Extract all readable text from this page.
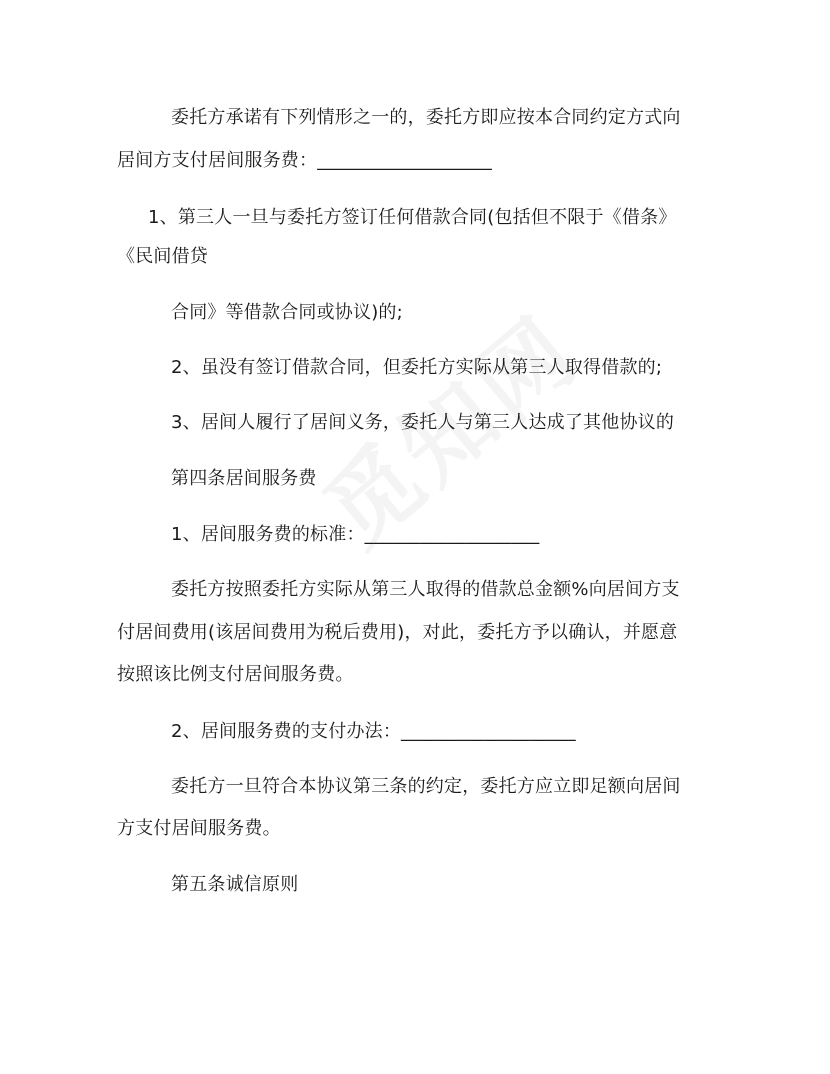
委托方承诺有下列情形之一的，委托方即应按本合同约定方式向
居间方支付居间服务费：___________________
1、第三人一旦与委托方签订任何借款合同(包括但不限于《借条》
《民间借贷
合同》等借款合同或协议)的;
2、虽没有签订借款合同，但委托方实际从第三人取得借款的;
3、居间人履行了居间义务，委托人与第三人达成了其他协议的
第四条居间服务费
1、居间服务费的标准：___________________
委托方按照委托方实际从第三人取得的借款总金额%向居间方支
付居间费用(该居间费用为税后费用)，对此，委托方予以确认，并愿意
按照该比例支付居间服务费。
2、居间服务费的支付办法：___________________
委托方一旦符合本协议第三条的约定，委托方应立即足额向居间
方支付居间服务费。
第五条诚信原则
